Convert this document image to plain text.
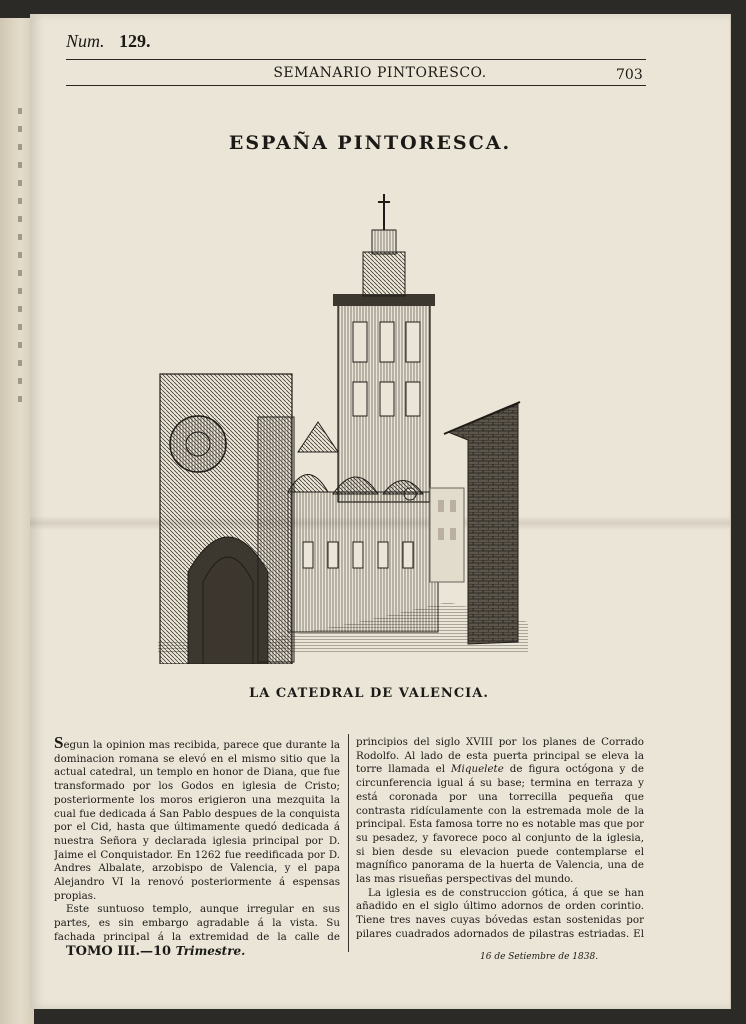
Num. 129.
SEMANARIO PINTORESCO.	703
ESPAÑA PINTORESCA.
LA CATEDRAL DE VALENCIA.

Segun la opinion mas recibida, parece que durante la dominacion romana se elevó en el mismo sitio que la actual catedral, un templo en honor de Diana, que fue transformado por los Godos en iglesia de Cristo; posteriormente los moros erigieron una mezquita la cual fue dedicada á San Pablo despues de la conquista por el Cid, hasta que últimamente quedó dedicada á nuestra Señora y declarada iglesia principal por D. Jaime el Conquistador. En 1262 fue reedificada por D. Andres Albalate, arzobispo de Valencia, y el papa Alejandro VI la renovó posteriormente á espensas propias.

Este suntuoso templo, aunque irregular en sus partes, es sin embargo agradable á la vista. Su fachada principal á la extremidad de la calle de

principios del siglo XVIII por los planes de Corrado Rodolfo. Al lado de esta puerta principal se eleva la torre llamada el Miquelete de figura octógona y de circunferencia igual á su base; termina en terraza y está coronada por una torrecilla pequeña que contrasta ridículamente con la estremada mole de la principal. Esta famosa torre no es notable mas que por su pesadez, y favorece poco al conjunto de la iglesia, si bien desde su elevacion puede contemplarse el magnífico panorama de la huerta de Valencia, una de las mas risueñas perspectivas del mundo.

La iglesia es de construccion gótica, á que se han añadido en el siglo último adornos de orden corintio. Tiene tres naves cuyas bóvedas estan sostenidas por pilares cuadrados adornados de pilastras estriadas. El

TOMO III.—10 Trimestre.	16 de Setiembre de 1838.
